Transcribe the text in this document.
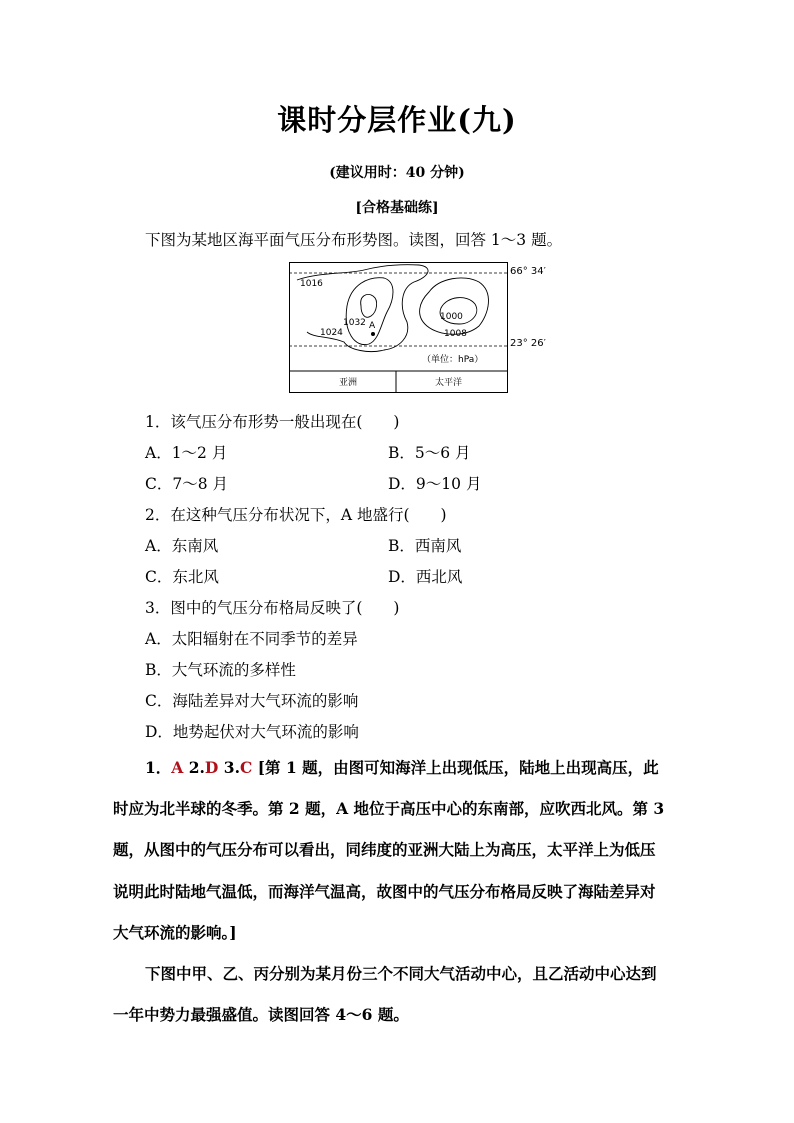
课时分层作业(九)
(建议用时：40 分钟)
[合格基础练]
下图为某地区海平面气压分布形势图。读图，回答 1～3 题。
1016
1032
1024
1000
1008
A
（单位：hPa）
亚洲	太平洋
66° 34′
23° 26′
1．该气压分布形势一般出现在(　　)
A．1～2 月	B．5～6 月
C．7～8 月	D．9～10 月
2．在这种气压分布状况下，A 地盛行(　　)
A．东南风	B．西南风
C．东北风	D．西北风
3．图中的气压分布格局反映了(　　)
A．太阳辐射在不同季节的差异
B．大气环流的多样性
C．海陆差异对大气环流的影响
D．地势起伏对大气环流的影响
1．A 2.D 3.C [第 1 题，由图可知海洋上出现低压，陆地上出现高压，此
时应为北半球的冬季。第 2 题，A 地位于高压中心的东南部，应吹西北风。第 3
题，从图中的气压分布可以看出，同纬度的亚洲大陆上为高压，太平洋上为低压
说明此时陆地气温低，而海洋气温高，故图中的气压分布格局反映了海陆差异对
大气环流的影响。]
下图中甲、乙、丙分别为某月份三个不同大气活动中心，且乙活动中心达到
一年中势力最强盛值。读图回答 4～6 题。
